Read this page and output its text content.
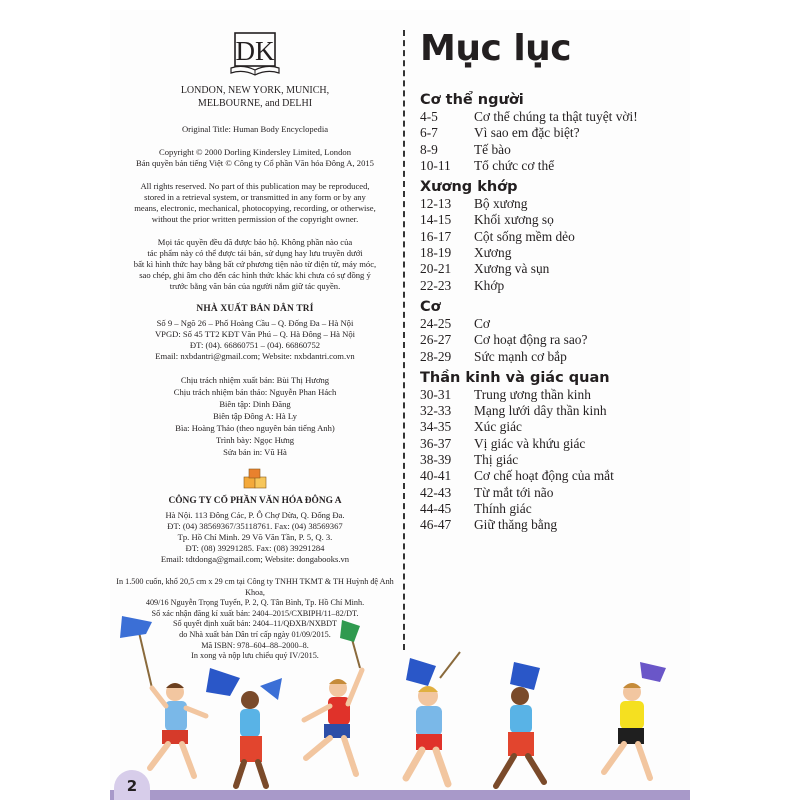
DK
LONDON, NEW YORK, MUNICH,
MELBOURNE, and DELHI
Original Title: Human Body Encyclopedia
Copyright © 2000 Dorling Kindersley Limited, London
Bản quyền bản tiếng Việt © Công ty Cổ phần Văn hóa Đông A, 2015
All rights reserved. No part of this publication may be reproduced,
stored in a retrieval system, or transmitted in any form or by any
means, electronic, mechanical, photocopying, recording, or otherwise,
without the prior written permission of the copyright owner.
Mọi tác quyền đều đã được bảo hộ. Không phần nào của
tác phẩm này có thể được tái bản, sử dụng hay lưu truyền dưới
bất kì hình thức hay bằng bất cứ phương tiện nào từ điện tử, máy móc,
sao chép, ghi âm cho đến các hình thức khác khi chưa có sự đồng ý
trước bằng văn bản của người nắm giữ tác quyền.
NHÀ XUẤT BẢN DÂN TRÍ
Số 9 – Ngõ 26 – Phố Hoàng Cầu – Q. Đống Đa – Hà Nội
VPGD: Số 45 TT2 KĐT Văn Phú – Q. Hà Đông – Hà Nội
ĐT: (04). 66860751 – (04). 66860752
Email: nxbdantri@gmail.com; Website: nxbdantri.com.vn
Chịu trách nhiệm xuất bản: Bùi Thị Hương
Chịu trách nhiệm bản thảo: Nguyễn Phan Hách
Biên tập: Dinh Đăng
Biên tập Đông A: Hà Ly
Bìa: Hoàng Thảo (theo nguyên bản tiếng Anh)
Trình bày: Ngọc Hưng
Sửa bản in: Vũ Hà
CÔNG TY CỔ PHẦN VĂN HÓA ĐÔNG A
Hà Nội. 113 Đông Các, P. Ô Chợ Dừa, Q. Đống Đa.
ĐT: (04) 38569367/35118761. Fax: (04) 38569367
Tp. Hồ Chí Minh. 29 Võ Văn Tần, P. 5, Q. 3.
ĐT: (08) 39291285. Fax: (08) 39291284
Email: tdtdonga@gmail.com; Website: dongabooks.vn
In 1.500 cuốn, khổ 20,5 cm x 29 cm tại Công ty TNHH TKMT & TH Huỳnh đệ Anh Khoa,
409/16 Nguyễn Trọng Tuyển, P. 2, Q. Tân Bình, Tp. Hồ Chí Minh.
Số xác nhận đăng kí xuất bản: 2404–2015/CXBIPH/11–82/DT.
Số quyết định xuất bản: 2404–11/QĐXB/NXBDT
do Nhà xuất bản Dân trí cấp ngày 01/09/2015.
Mã ISBN: 978–604–88–2000–8.
In xong và nộp lưu chiểu quý IV/2015.
Mục lục
Cơ thể người
4-5	Cơ thể chúng ta thật tuyệt vời!
6-7	Vì sao em đặc biệt?
8-9	Tế bào
10-11	Tổ chức cơ thể
Xương khớp
12-13	Bộ xương
14-15	Khối xương sọ
16-17	Cột sống mềm dẻo
18-19	Xương
20-21	Xương và sụn
22-23	Khớp
Cơ
24-25	Cơ
26-27	Cơ hoạt động ra sao?
28-29	Sức mạnh cơ bắp
Thần kinh và giác quan
30-31	Trung ương thần kinh
32-33	Mạng lưới dây thần kinh
34-35	Xúc giác
36-37	Vị giác và khứu giác
38-39	Thị giác
40-41	Cơ chế hoạt động của mắt
42-43	Từ mắt tới não
44-45	Thính giác
46-47	Giữ thăng bằng
2
